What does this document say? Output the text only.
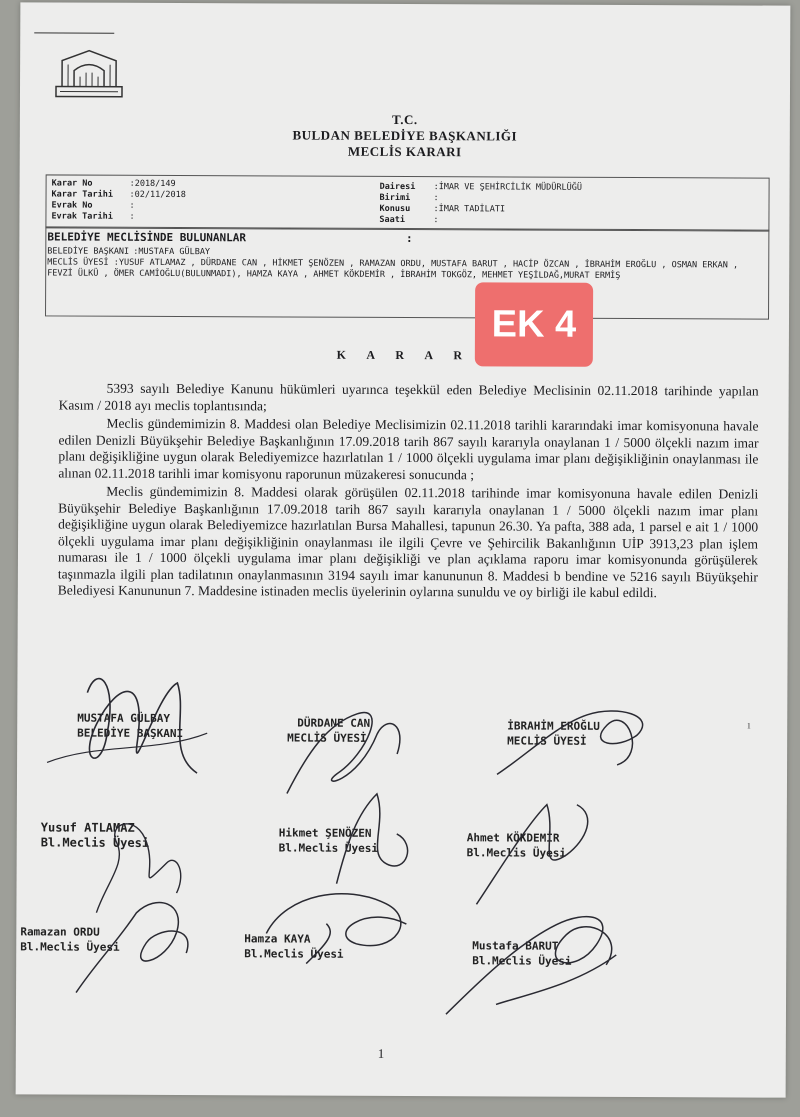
T.C.
BULDAN BELEDİYE BAŞKANLIĞI
MECLİS KARARI
Karar No	:2018/149
Karar Tarihi :02/11/2018
Evrak No	:
Evrak Tarihi :
Dairesi :İMAR VE ŞEHİRCİLİK MÜDÜRLÜĞÜ
Birimi	:
Konusu	:İMAR TADİLATI
Saati	:
BELEDİYE MECLİSİNDE BULUNANLAR	:
BELEDİYE BAŞKANI :MUSTAFA GÜLBAY
MECLİS ÜYESİ :YUSUF ATLAMAZ , DÜRDANE CAN , HİKMET ŞENÖZEN , RAMAZAN ORDU, MUSTAFA BARUT , HACİP ÖZCAN , İBRAHİM EROĞLU , OSMAN ERKAN , FEVZİ ÜLKÜ , ÖMER CAMİOĞLU(BULUNMADI), HAMZA KAYA , AHMET KÖKDEMİR , İBRAHİM TOKGÖZ, MEHMET YEŞİLDAĞ,MURAT ERMİŞ
EK 4
K A R A R

5393 sayılı Belediye Kanunu hükümleri uyarınca teşekkül eden Belediye Meclisinin 02.11.2018 tarihinde yapılan Kasım / 2018 ayı meclis toplantısında;

Meclis gündemimizin 8. Maddesi olan Belediye Meclisimizin 02.11.2018 tarihli kararındaki imar komisyonuna havale edilen Denizli Büyükşehir Belediye Başkanlığının 17.09.2018 tarih 867 sayılı kararıyla onaylanan 1 / 5000 ölçekli nazım imar planı değişikliğine uygun olarak Belediyemizce hazırlatılan 1 / 1000 ölçekli uygulama imar planı değişikliğinin onaylanması ile alınan 02.11.2018 tarihli imar komisyonu raporunun müzakeresi sonucunda ;

Meclis gündemimizin 8. Maddesi olarak görüşülen 02.11.2018 tarihinde imar komisyonuna havale edilen Denizli Büyükşehir Belediye Başkanlığının 17.09.2018 tarih 867 sayılı kararıyla onaylanan 1 / 5000 ölçekli nazım imar planı değişikliğine uygun olarak Belediyemizce hazırlatılan Bursa Mahallesi, tapunun 26.30. Ya pafta, 388 ada, 1 parsel e ait 1 / 1000 ölçekli uygulama imar planı değişikliğinin onaylanması ile ilgili Çevre ve Şehircilik Bakanlığının UİP 3913,23 plan işlem numarası ile 1 / 1000 ölçekli uygulama imar planı değişikliği ve plan açıklama raporu imar komisyonunda görüşülerek taşınmazla ilgili plan tadilatının onaylanmasının 3194 sayılı imar kanununun 8. Maddesi b bendine ve 5216 sayılı Büyükşehir Belediyesi Kanununun 7. Maddesine istinaden meclis üyelerinin oylarına sunuldu ve oy birliği ile kabul edildi.

MUSTAFA GÜLBAY
BELEDİYE BAŞKANI
DÜRDANE CAN
MECLİS ÜYESİ
İBRAHİM EROĞLU
MECLİS ÜYESİ
Yusuf ATLAMAZ
Bl.Meclis Üyesi
Hikmet ŞENÖZEN
Bl.Meclis Üyesi
Ahmet KÖKDEMİR
Bl.Meclis Üyesi
Ramazan ORDU
Bl.Meclis Üyesi
Hamza KAYA
Bl.Meclis Üyesi
Mustafa BARUT
Bl.Meclis Üyesi
ı
1
